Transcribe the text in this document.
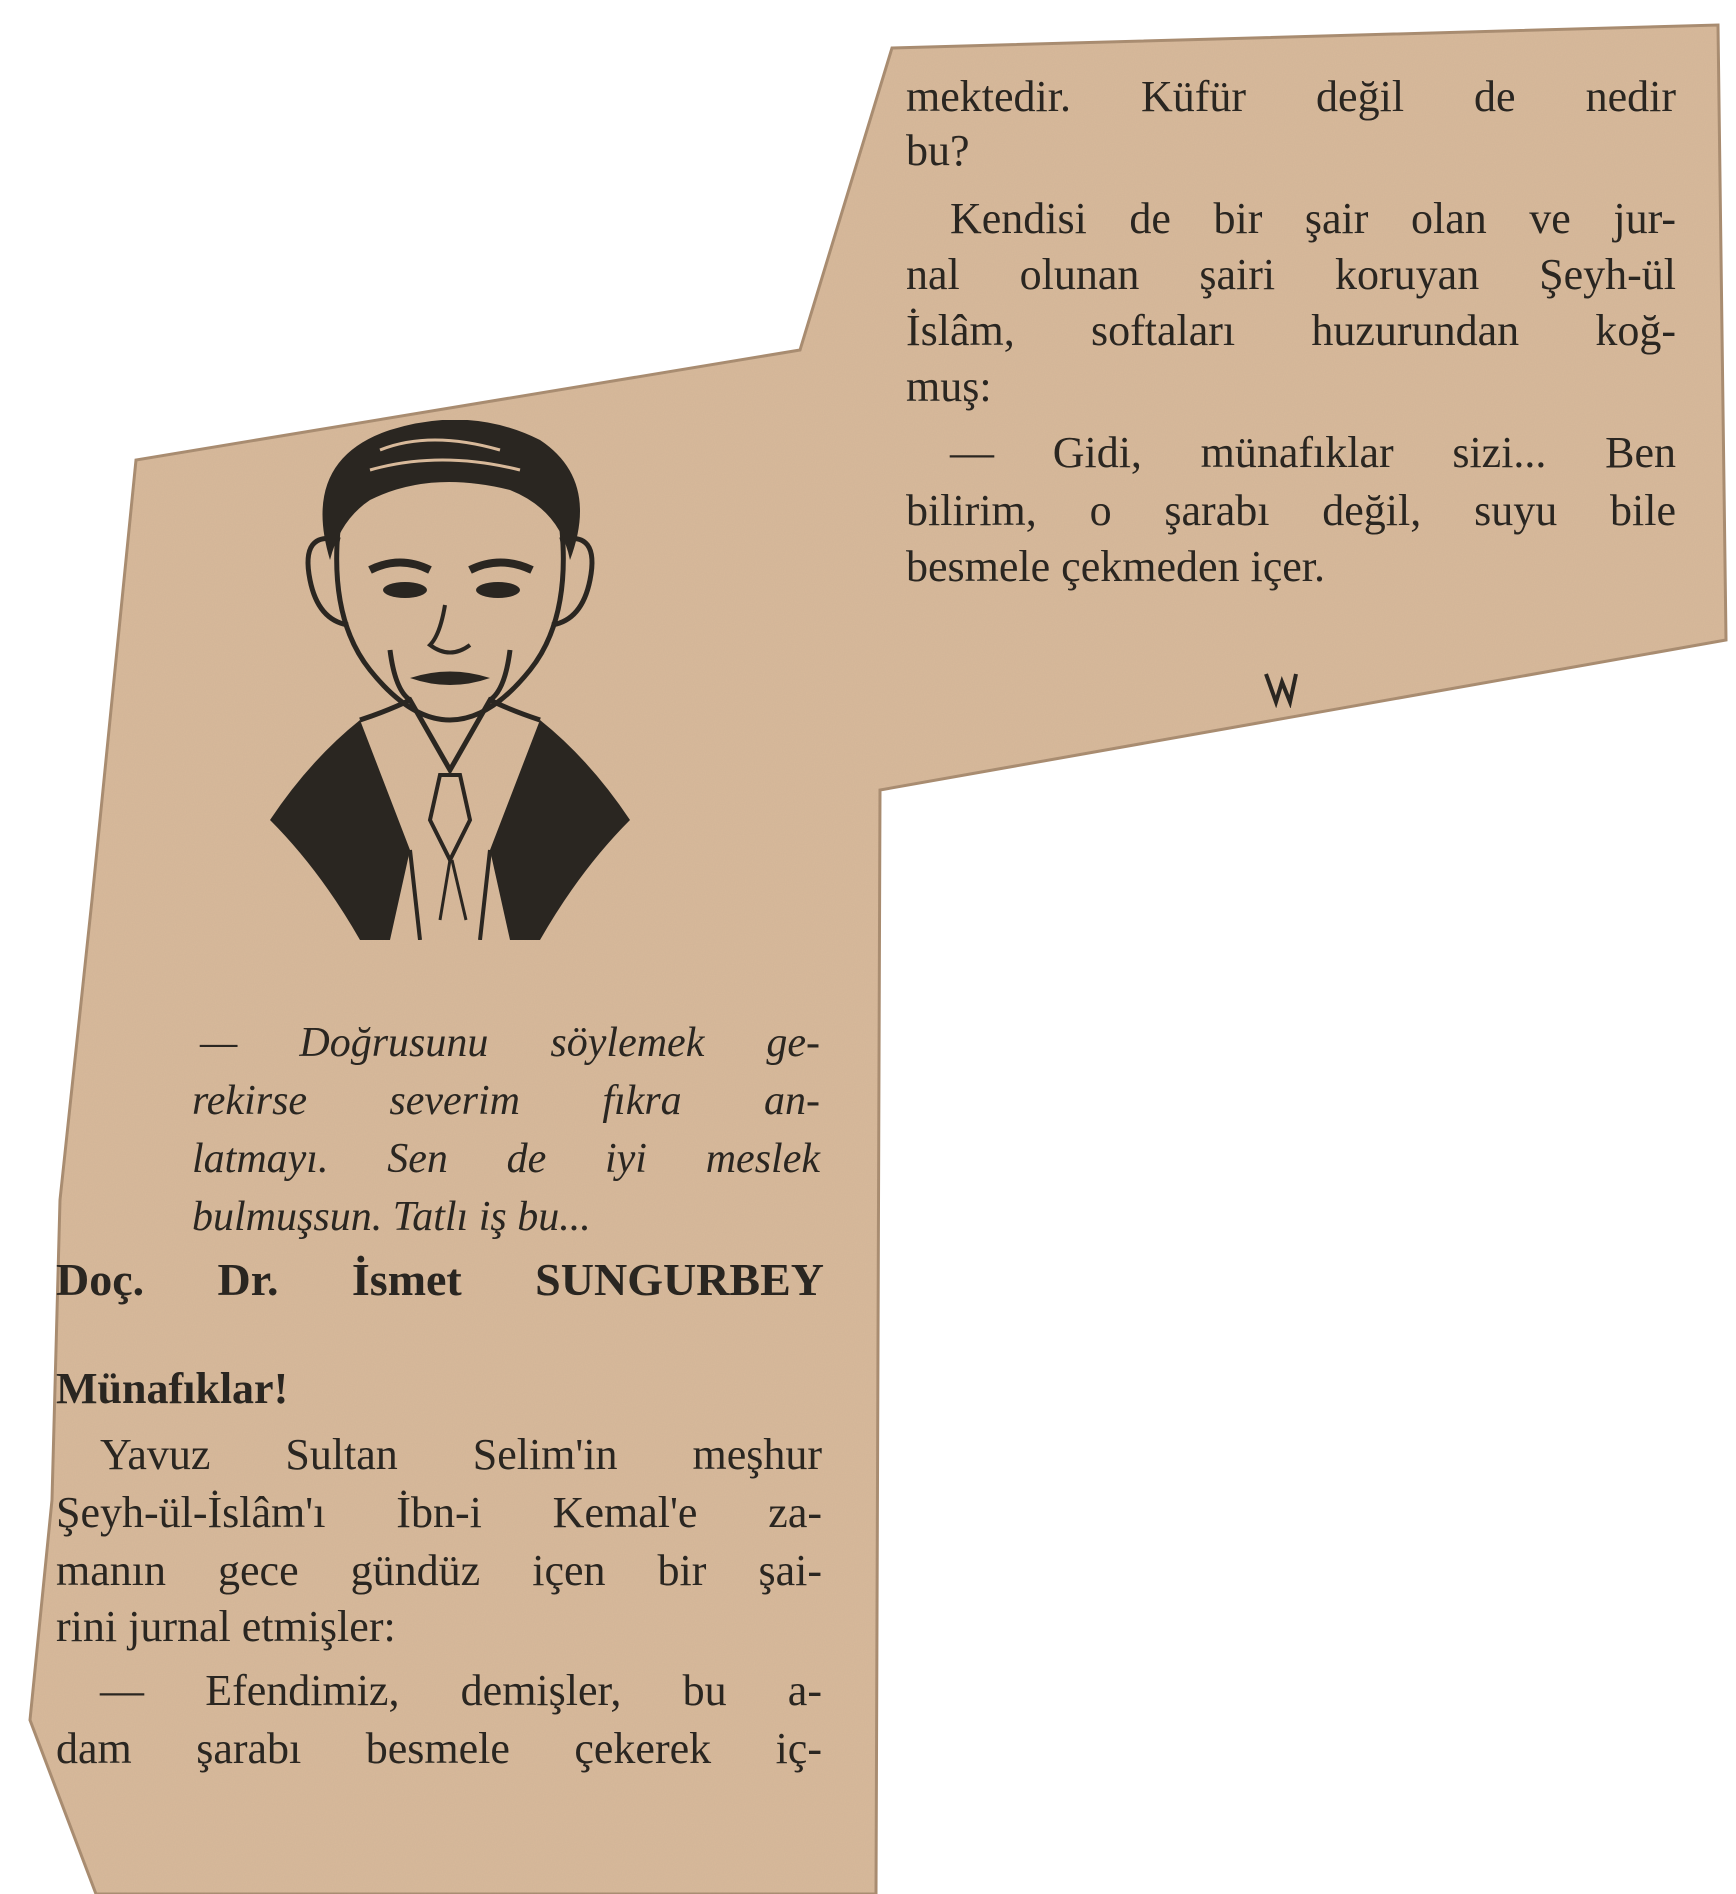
mektedir. Küfür değil de nedir
bu?
Kendisi de bir şair olan ve jur-
nal olunan şairi koruyan Şeyh-ül
İslâm, softaları huzurundan koğ-
muş:
— Gidi, münafıklar sizi... Ben
bilirim, o şarabı değil, suyu bile
besmele çekmeden içer.
— Doğrusunu söylemek ge-
rekirse severim fıkra an-
latmayı. Sen de iyi meslek
bulmuşsun. Tatlı iş bu...
Doç. Dr. İsmet SUNGURBEY
Münafıklar!
Yavuz Sultan Selim'in meşhur
Şeyh-ül-İslâm'ı İbn-i Kemal'e za-
manın gece gündüz içen bir şai-
rini jurnal etmişler:
— Efendimiz, demişler, bu a-
dam şarabı besmele çekerek iç-
